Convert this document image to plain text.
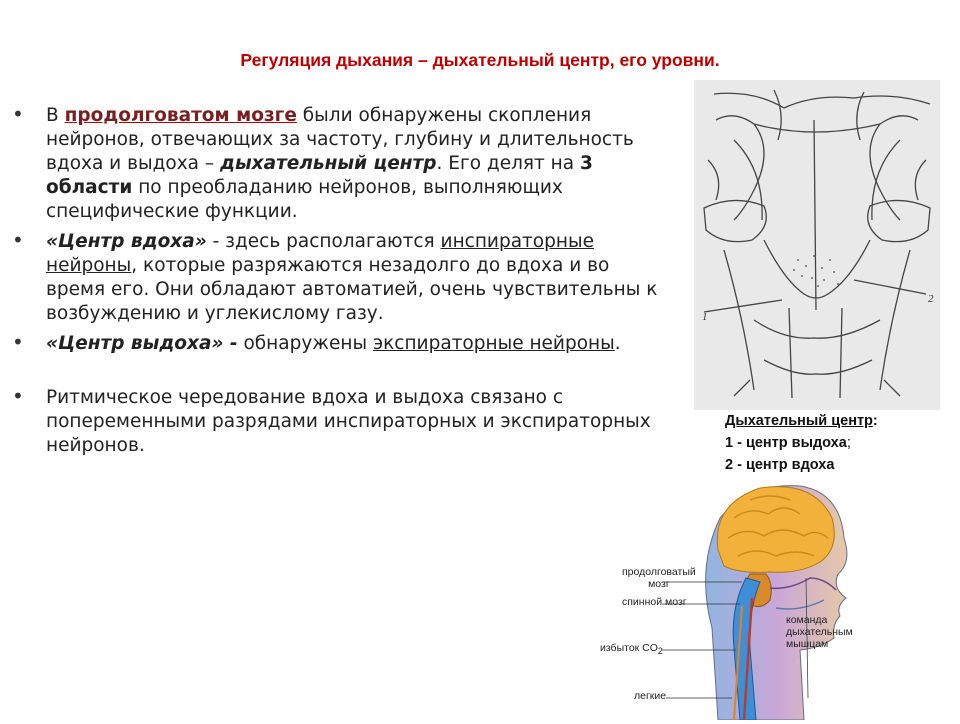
Регуляция дыхания – дыхательный центр, его уровни.
• В продолговатом мозге были обнаружены скопления нейронов, отвечающих за частоту, глубину и длительность вдоха и выдоха – дыхательный центр. Его делят на 3 области по преобладанию нейронов, выполняющих специфические функции.
• «Центр вдоха» - здесь располагаются инспираторные нейроны, которые разряжаются незадолго до вдоха и во время его. Они обладают автоматией, очень чувствительны к возбуждению и углекислому газу.
• «Центр выдоха» - обнаружены экспираторные нейроны.
• Ритмическое чередование вдоха и выдоха связано с попеременными разрядами инспираторных и экспираторных нейронов.
1
2
Дыхательный центр:
1 - центр выдоха;
2 - центр вдоха
продолговатый
мозг
спинной мозг
избыток $CO_2$
легкие
команда
дыхательным
мышцам
